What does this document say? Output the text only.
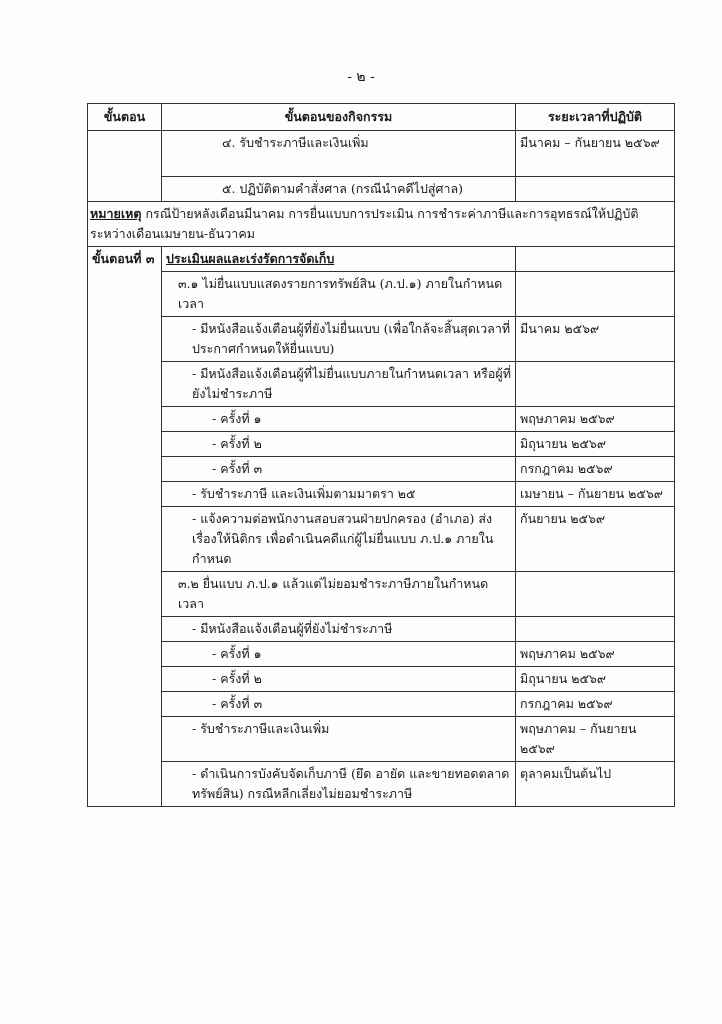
- ๒ -
ขั้นตอน	ขั้นตอนของกิจกรรม	ระยะเวลาที่ปฏิบัติ
	๔. รับชำระภาษีและเงินเพิ่ม	มีนาคม – กันยายน ๒๕๖๙
	๕. ปฏิบัติตามคำสั่งศาล (กรณีนำคดีไปสู่ศาล)	
หมายเหตุ กรณีป้ายหลังเดือนมีนาคม การยื่นแบบการประเมิน การชำระค่าภาษีและการอุทธรณ์ให้ปฏิบัติระหว่างเดือนเมษายน-ธันวาคม		
ขั้นตอนที่ ๓	ประเมินผลและเร่งรัดการจัดเก็บ	
	๓.๑ ไม่ยื่นแบบแสดงรายการทรัพย์สิน (ภ.ป.๑) ภายในกำหนดเวลา	
	- มีหนังสือแจ้งเตือนผู้ที่ยังไม่ยื่นแบบ (เพื่อใกล้จะสิ้นสุดเวลาที่ประกาศกำหนดให้ยื่นแบบ)	มีนาคม ๒๕๖๙
	- มีหนังสือแจ้งเตือนผู้ที่ไม่ยื่นแบบภายในกำหนดเวลา หรือผู้ที่ยังไม่ชำระภาษี	
	- ครั้งที่ ๑	พฤษภาคม ๒๕๖๙
	- ครั้งที่ ๒	มิถุนายน ๒๕๖๙
	- ครั้งที่ ๓	กรกฎาคม ๒๕๖๙
	- รับชำระภาษี และเงินเพิ่มตามมาตรา ๒๕	เมษายน – กันยายน ๒๕๖๙
	- แจ้งความต่อพนักงานสอบสวนฝ่ายปกครอง (อำเภอ) ส่งเรื่องให้นิติกร เพื่อดำเนินคดีแก่ผู้ไม่ยื่นแบบ ภ.ป.๑ ภายในกำหนด	กันยายน ๒๕๖๙
	๓.๒ ยื่นแบบ ภ.ป.๑ แล้วแต่ไม่ยอมชำระภาษีภายในกำหนดเวลา	
	- มีหนังสือแจ้งเตือนผู้ที่ยังไม่ชำระภาษี	
	- ครั้งที่ ๑	พฤษภาคม ๒๕๖๙
	- ครั้งที่ ๒	มิถุนายน ๒๕๖๙
	- ครั้งที่ ๓	กรกฎาคม ๒๕๖๙
	- รับชำระภาษีและเงินเพิ่ม	พฤษภาคม – กันยายน ๒๕๖๙
	- ดำเนินการบังคับจัดเก็บภาษี (ยึด อายัด และขายทอดตลาดทรัพย์สิน) กรณีหลีกเลี่ยงไม่ยอมชำระภาษี	ตุลาคมเป็นต้นไป
